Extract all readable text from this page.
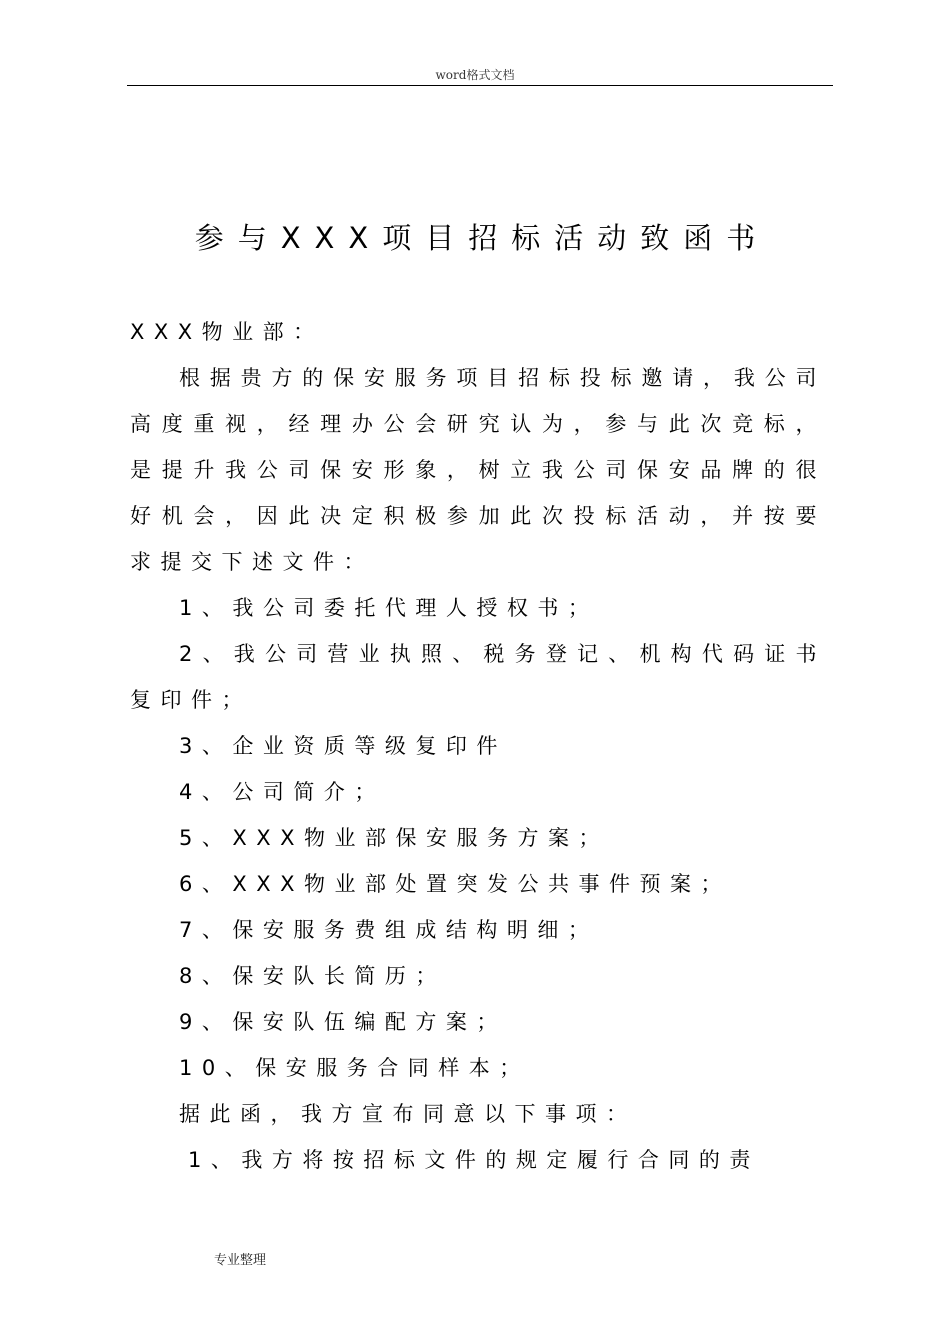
word格式文档
参与XXX项目招标活动致函书

XXX物业部：

根据贵方的保安服务项目招标投标邀请，我公司高度重视，经理办公会研究认为，参与此次竞标，是提升我公司保安形象，树立我公司保安品牌的很好机会，因此决定积极参加此次投标活动，并按要求提交下述文件：

1、我公司委托代理人授权书；

2、我公司营业执照、税务登记、机构代码证书复印件；

3、企业资质等级复印件

4、公司简介；

5、XXX物业部保安服务方案；

6、XXX物业部处置突发公共事件预案；

7、保安服务费组成结构明细；

8、保安队长简历；

9、保安队伍编配方案；

10、保安服务合同样本；

据此函，我方宣布同意以下事项：

1、我方将按招标文件的规定履行合同的责

专业整理
